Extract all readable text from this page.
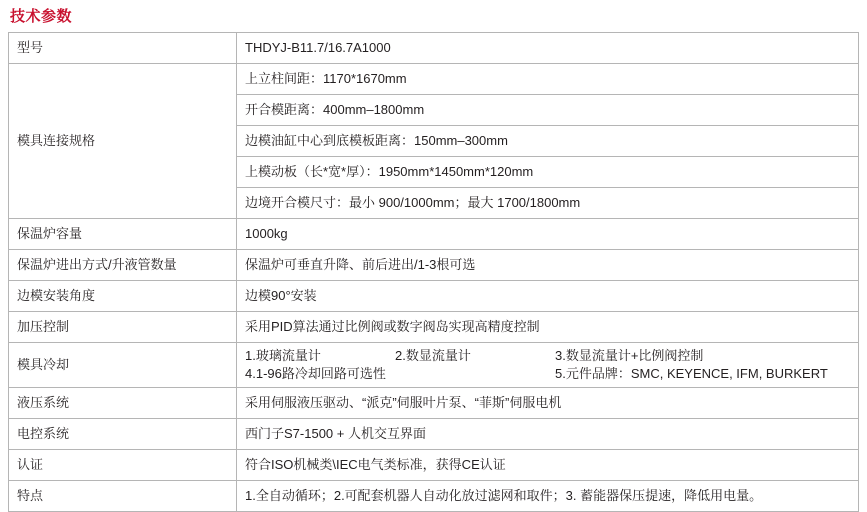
技术参数
型号	THDYJ-B11.7/16.7A1000
模具连接规格	上立柱间距：1170*1670mm
	开合模距离：400mm–1800mm
	边模油缸中心到底模板距离：150mm–300mm
	上模动板（长*宽*厚）：1950mm*1450mm*120mm
	边境开合模尺寸：最小 900/1000mm；最大 1700/1800mm
保温炉容量	1000kg
保温炉进出方式/升液管数量	保温炉可垂直升降、前后进出/1-3根可选
边模安装角度	边模90°安装
加压控制	采用PID算法通过比例阀或数字阀岛实现高精度控制
模具冷却	1.玻璃流量计 2.数显流量计 3.数显流量计+比例阀控制
4.1-96路冷却回路可选性 5.元件品牌：SMC, KEYENCE, IFM, BURKERT

液压系统	采用伺服液压驱动、“派克”伺服叶片泵、“菲斯”伺服电机
电控系统	西门子S7-1500 + 人机交互界面
认证	符合ISO机械类\IEC电气类标准，获得CE认证
特点	1.全自动循环；2.可配套机器人自动化放过滤网和取件；3. 蓄能器保压提速，降低用电量。
